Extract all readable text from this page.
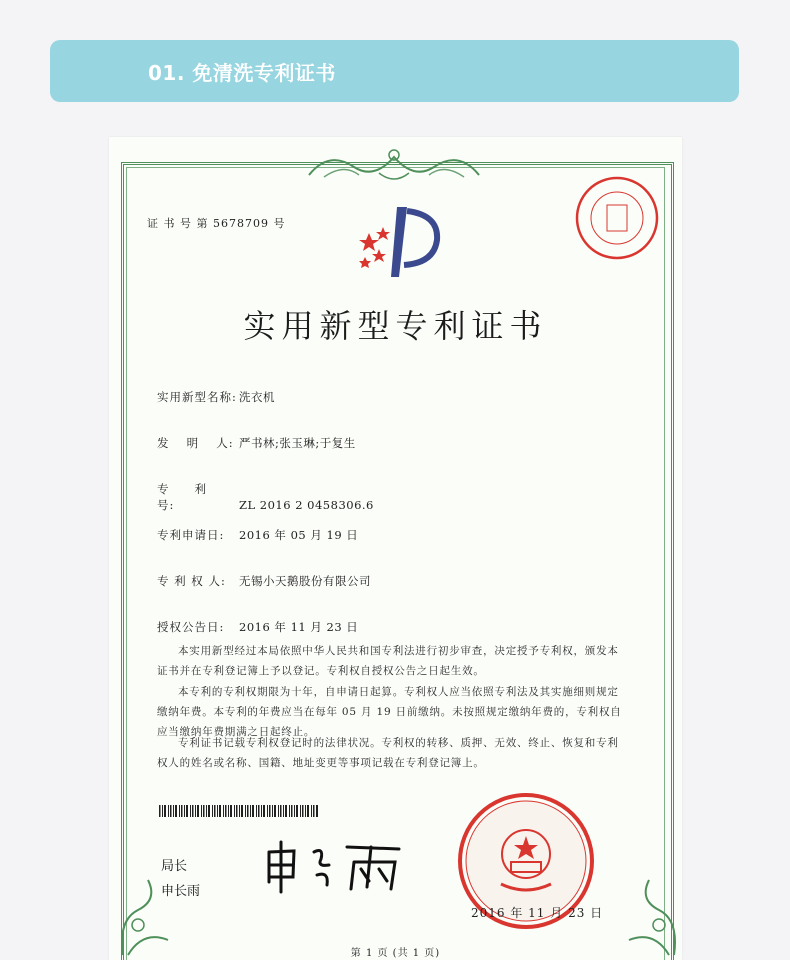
01. 免清洗专利证书
证 书 号 第 5678709 号
实用新型专利证书
实用新型名称: 洗衣机
发　 明　 人: 严书林;张玉琳;于复生
专　　利　　号:	ZL 2016 2 0458306.6
专利申请日: 2016 年 05 月 19 日
专 利 权 人: 无锡小天鹅股份有限公司
授权公告日: 2016 年 11 月 23 日
本实用新型经过本局依照中华人民共和国专利法进行初步审查，决定授予专利权，颁发本证书并在专利登记簿上予以登记。专利权自授权公告之日起生效。
本专利的专利权期限为十年，自申请日起算。专利权人应当依照专利法及其实施细则规定缴纳年费。本专利的年费应当在每年 05 月 19 日前缴纳。未按照规定缴纳年费的，专利权自应当缴纳年费期满之日起终止。
专利证书记载专利权登记时的法律状况。专利权的转移、质押、无效、终止、恢复和专利权人的姓名或名称、国籍、地址变更等事项记载在专利登记簿上。
局长
申长雨
2016 年 11 月 23 日
第 1 页 (共 1 页)
